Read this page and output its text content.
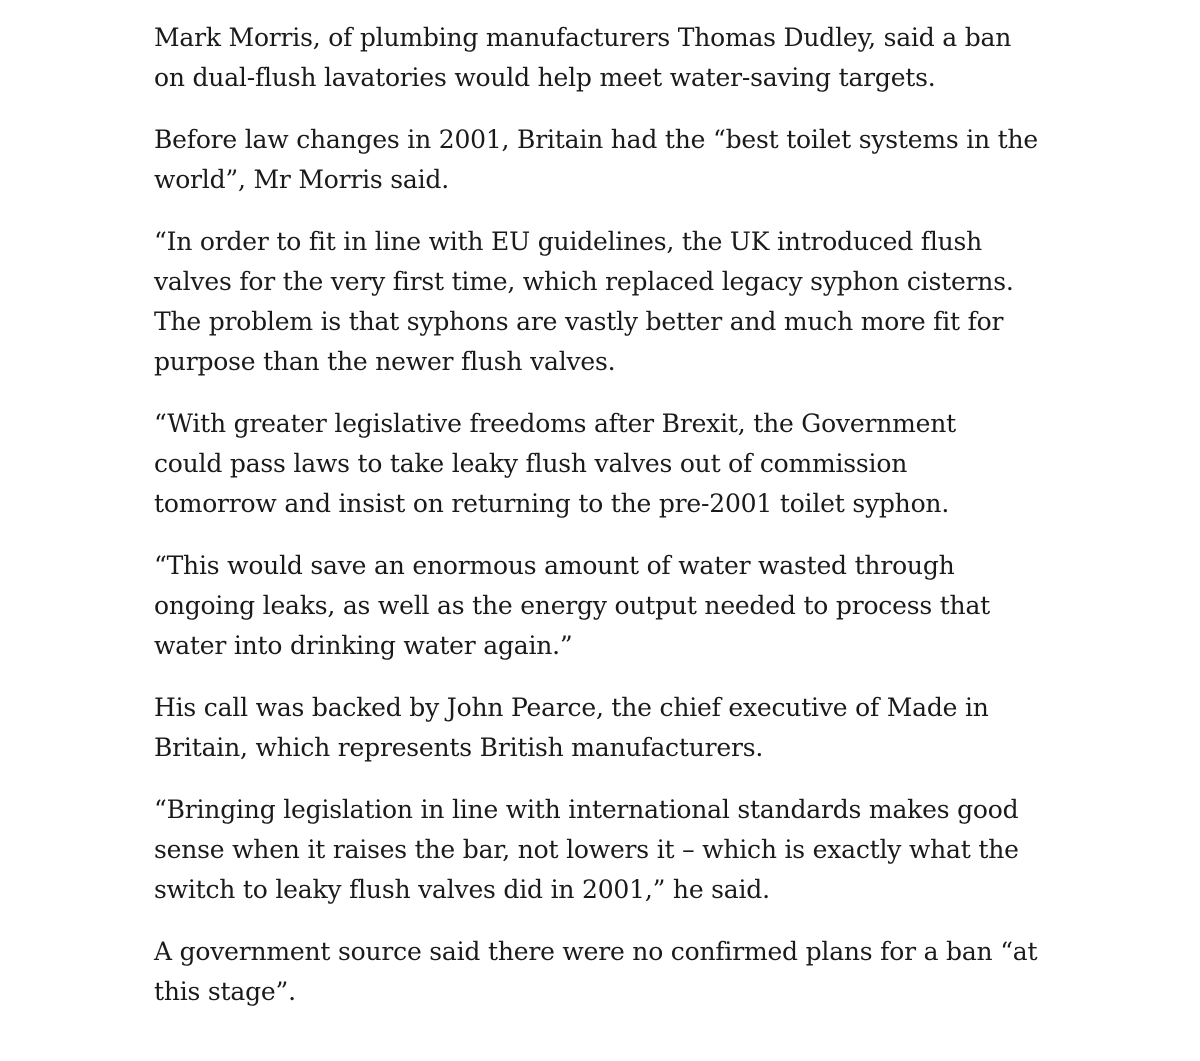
Mark Morris, of plumbing manufacturers Thomas Dudley, said a ban
on dual-flush lavatories would help meet water-saving targets.

Before law changes in 2001, Britain had the “best toilet systems in the
world”, Mr Morris said.

“In order to fit in line with EU guidelines, the UK introduced flush
valves for the very first time, which replaced legacy syphon cisterns.
The problem is that syphons are vastly better and much more fit for
purpose than the newer flush valves.

“With greater legislative freedoms after Brexit, the Government
could pass laws to take leaky flush valves out of commission
tomorrow and insist on returning to the pre-2001 toilet syphon.

“This would save an enormous amount of water wasted through
ongoing leaks, as well as the energy output needed to process that
water into drinking water again.”

His call was backed by John Pearce, the chief executive of Made in
Britain, which represents British manufacturers.

“Bringing legislation in line with international standards makes good
sense when it raises the bar, not lowers it – which is exactly what the
switch to leaky flush valves did in 2001,” he said.

A government source said there were no confirmed plans for a ban “at
this stage”.
